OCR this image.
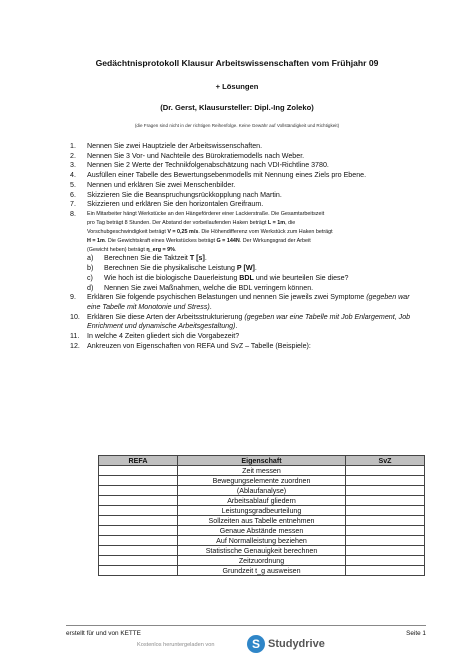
Gedächtnisprotokoll Klausur Arbeitswissenschaften vom Frühjahr 09
+ Lösungen
(Dr. Gerst, Klausursteller: Dipl.-Ing Zoleko)
(die Fragen sind nicht in der richtigen Reihenfolge. Keine Gewähr auf Vollständigkeit und Richtigkeit)
1.	Nennen Sie zwei Hauptziele der Arbeitswissenschaften.
2.	Nennen Sie 3 Vor- und Nachteile des Bürokratiemodells nach Weber.
3.	Nennen Sie 2 Werte der Technikfolgenabschätzung nach VDI-Richtline 3780.
4.	Ausfüllen einer Tabelle des Bewertungsebenmodells mit Nennung eines Ziels pro Ebene.
5.	Nennen und erklären Sie zwei Menschenbilder.
6.	Skizzieren Sie die Beanspruchungsrückkopplung nach Martin.
7.	Skizzieren und erklären Sie den horizontalen Greifraum.
8.	Ein Mitarbeiter hängt Werkstücke an den Hängeförderer einer Lackierstraße. Die Gesamtarbeitszeit
pro Tag beträgt 8 Stunden. Der Abstand der vorbeilaufenden Haken beträgt L = 1m, die
Vorschubgeschwindigkeit beträgt V = 0,25 m/s. Die Höhendifferenz vom Werkstück zum Haken beträgt
H = 1m. Die Gewichtskraft eines Werkstückes beträgt G = 144N. Der Wirkungsgrad der Arbeit
(Gewicht heben) beträgt η_erg = 9%.
a)	Berechnen Sie die Taktzeit T [s].
b)	Berechnen Sie die physikalische Leistung P [W].
c)	Wie hoch ist die biologische Dauerleistung BDL und wie beurteilen Sie diese?
d)	Nennen Sie zwei Maßnahmen, welche die BDL verringern können.
9.	Erklären Sie folgende psychischen Belastungen und nennen Sie jeweils zwei Symptome (gegeben war eine Tabelle mit Monotonie und Stress).
10.	Erklären Sie diese Arten der Arbeitsstrukturierung (gegeben war eine Tabelle mit Job Enlargement, Job Enrichment und dynamische Arbeitsgestaltung).
11.	In welche 4 Zeiten gliedert sich die Vorgabezeit?
12.	Ankreuzen von Eigenschaften von REFA und SvZ – Tabelle (Beispiele):
REFA	Eigenschaft	SvZ
	Zeit messen	
	Bewegungselemente zuordnen	
	(Ablaufanalyse)	
	Arbeitsablauf gliedern	
	Leistungsgradbeurteilung	
	Sollzeiten aus Tabelle entnehmen	
	Genaue Abstände messen	
	Auf Normalleistung beziehen	
	Statistische Genauigkeit berechnen	
	Zeitzuordnung	
	Grundzeit t_g ausweisen	
erstellt für und von KETTE	Seite 1
Kostenlos heruntergeladen von	S Studydrive
